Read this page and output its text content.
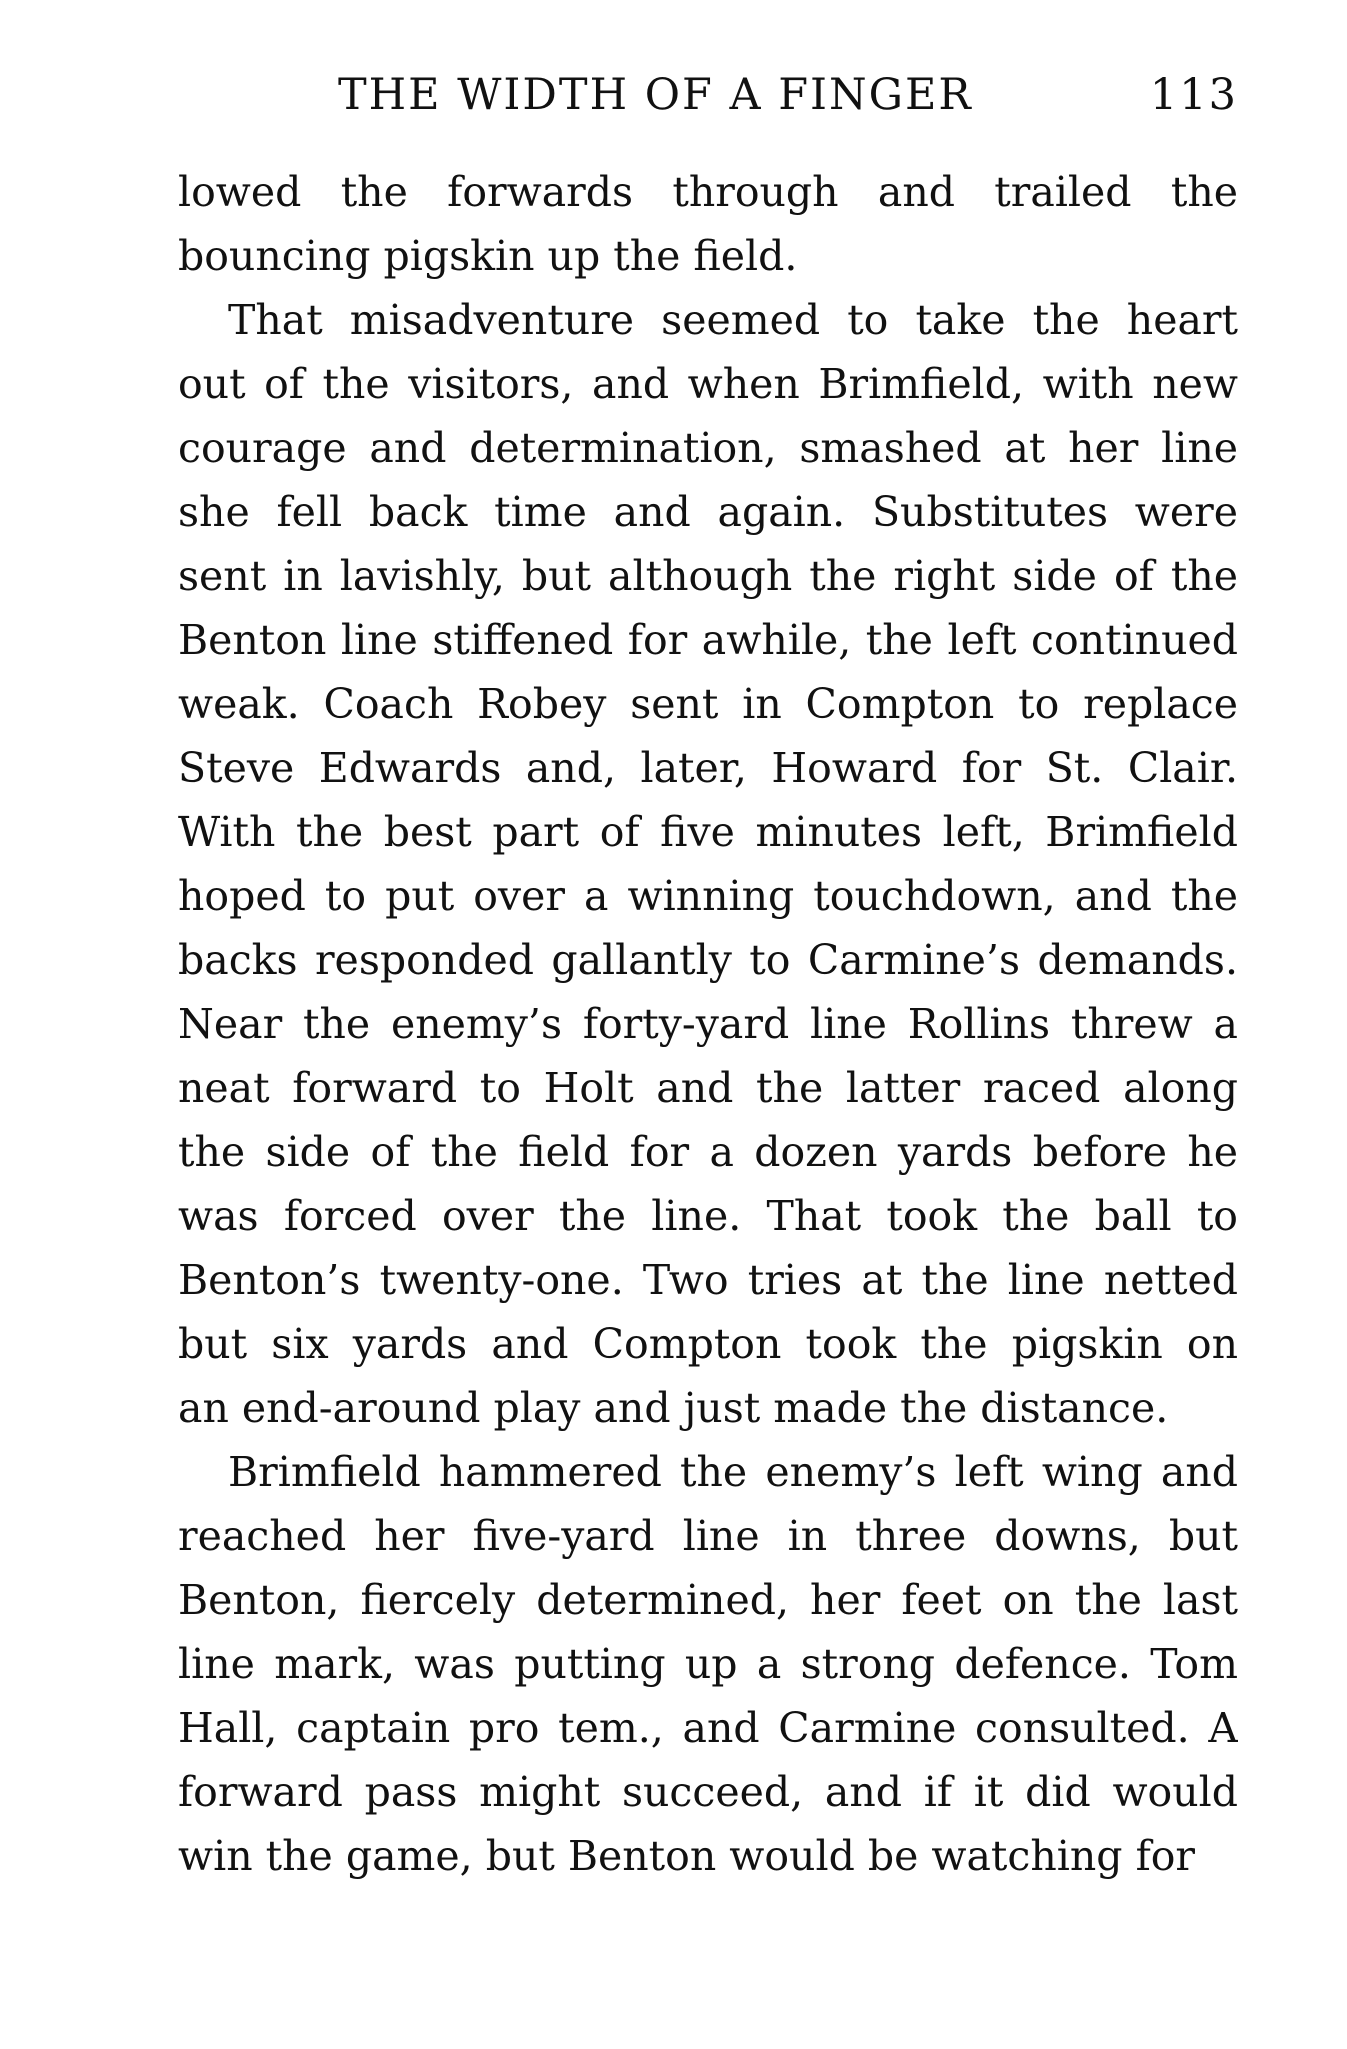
THE WIDTH OF A FINGER	113
lowed the forwards through and trailed the
bouncing pigskin up the field.
That misadventure seemed to take the heart
out of the visitors, and when Brimfield, with new
courage and determination, smashed at her line
she fell back time and again. Substitutes were
sent in lavishly, but although the right side of the
Benton line stiffened for awhile, the left continued
weak. Coach Robey sent in Compton to replace
Steve Edwards and, later, Howard for St. Clair.
With the best part of five minutes left, Brimfield
hoped to put over a winning touchdown, and the
backs responded gallantly to Carmine’s demands.
Near the enemy’s forty-yard line Rollins threw a
neat forward to Holt and the latter raced along
the side of the field for a dozen yards before he
was forced over the line. That took the ball to
Benton’s twenty-one. Two tries at the line netted
but six yards and Compton took the pigskin on
an end-around play and just made the distance.
Brimfield hammered the enemy’s left wing and
reached her five-yard line in three downs, but
Benton, fiercely determined, her feet on the last
line mark, was putting up a strong defence. Tom
Hall, captain pro tem., and Carmine consulted. A
forward pass might succeed, and if it did would
win the game, but Benton would be watching for
